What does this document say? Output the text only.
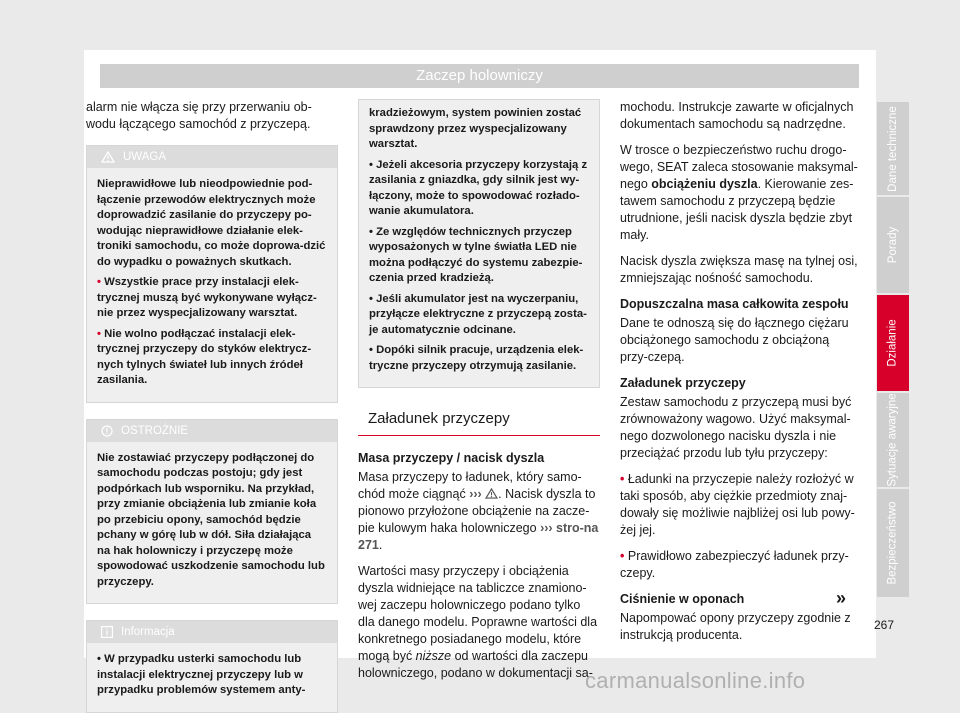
Zaczep holowniczy

alarm nie włącza się przy przerwaniu ob-wodu łączącego samochód z przyczepą.

UWAGA

Nieprawidłowe lub nieodpowiednie pod-łączenie przewodów elektrycznych może doprowadzić zasilanie do przyczepy po-wodując nieprawidłowe działanie elek-troniki samochodu, co może doprowa-dzić do wypadku o poważnych skutkach.

• Wszystkie prace przy instalacji elek-trycznej muszą być wykonywane wyłącz-nie przez wyspecjalizowany warsztat.

• Nie wolno podłączać instalacji elek-trycznej przyczepy do styków elektrycz-nych tylnych świateł lub innych źródeł zasilania.

OSTROŻNIE

Nie zostawiać przyczepy podłączonej do samochodu podczas postoju; gdy jest podpórkach lub wsporniku. Na przykład, przy zmianie obciążenia lub zmianie koła po przebiciu opony, samochód będzie pchany w górę lub w dół. Siła działająca na hak holowniczy i przyczepę może spowodować uszkodzenie samochodu lub przyczepy.

Informacja

• W przypadku usterki samochodu lub instalacji elektrycznej przyczepy lub w przypadku problemów systemem anty-

kradzieżowym, system powinien zostać sprawdzony przez wyspecjalizowany warsztat.

• Jeżeli akcesoria przyczepy korzystają z zasilania z gniazdka, gdy silnik jest wy-łączony, może to spowodować rozłado-wanie akumulatora.

• Ze względów technicznych przyczep wyposażonych w tylne światła LED nie można podłączyć do systemu zabezpie-czenia przed kradzieżą.

• Jeśli akumulator jest na wyczerpaniu, przyłącze elektryczne z przyczepą zosta-je automatycznie odcinane.

• Dopóki silnik pracuje, urządzenia elek-tryczne przyczepy otrzymują zasilanie.

Załadunek przyczepy

Masa przyczepy / nacisk dyszla

Masa przyczepy to ładunek, który samo-chód może ciągnąć ››› . Nacisk dyszla to pionowo przyłożone obciążenie na zacze-pie kulowym haka holowniczego ››› stro-na 271.

Wartości masy przyczepy i obciążenia dyszla widniejące na tabliczce znamiono-wej zaczepu holowniczego podano tylko dla danego modelu. Poprawne wartości dla konkretnego posiadanego modelu, które mogą być niższe od wartości dla zaczepu holowniczego, podano w dokumentacji sa-

mochodu. Instrukcje zawarte w oficjalnych dokumentach samochodu są nadrzędne.

W trosce o bezpieczeństwo ruchu drogo-wego, SEAT zaleca stosowanie maksymal-nego obciążeniu dyszla. Kierowanie zes-tawem samochodu z przyczepą będzie utrudnione, jeśli nacisk dyszla będzie zbyt mały.

Nacisk dyszla zwiększa masę na tylnej osi, zmniejszając nośność samochodu.

Dopuszczalna masa całkowita zespołu

Dane te odnoszą się do łącznego ciężaru obciążonego samochodu z obciążoną przy-czepą.

Załadunek przyczepy

Zestaw samochodu z przyczepą musi być zrównoważony wagowo. Użyć maksymal-nego dozwolonego nacisku dyszla i nie przeciążać przodu lub tyłu przyczepy:

• Ładunki na przyczepie należy rozłożyć w taki sposób, aby ciężkie przedmioty znaj-dowały się możliwie najbliżej osi lub powy-żej jej.

• Prawidłowo zabezpieczyć ładunek przy-czepy.

Ciśnienie w oponach

Napompować opony przyczepy zgodnie z instrukcją producenta.

Dane techniczne
Porady
Działanie
Sytuacje awaryjne
Bezpieczeństwo
»
267
carmanualsonline.info
